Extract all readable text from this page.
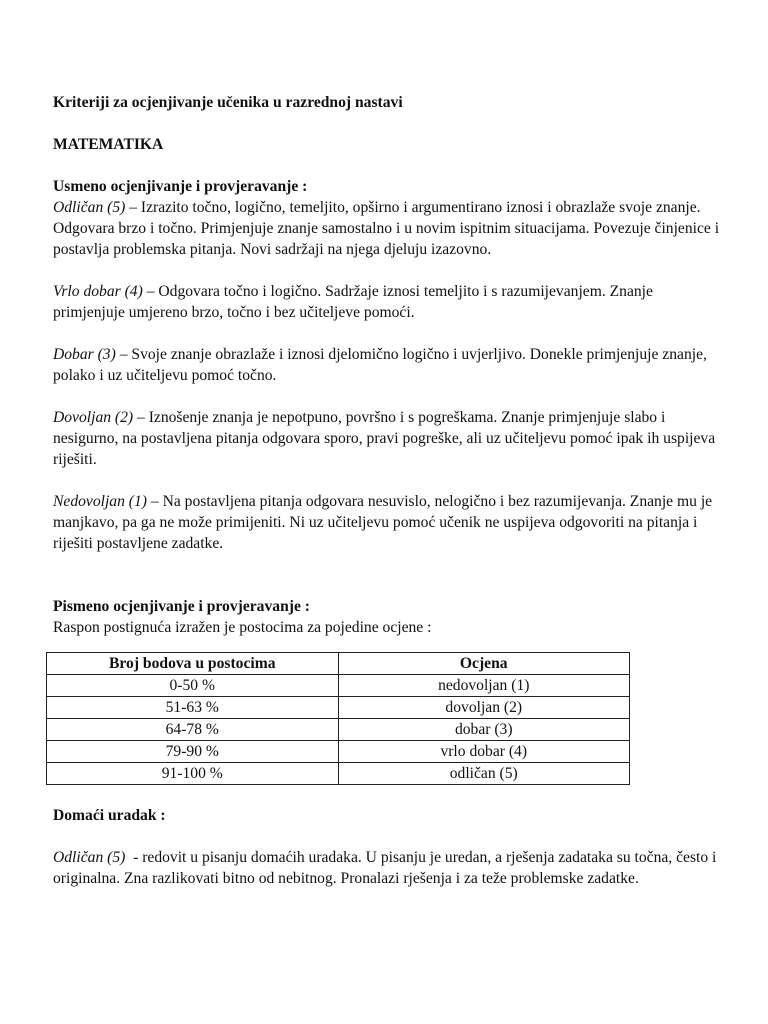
Kriteriji za ocjenjivanje učenika u razrednoj nastavi

MATEMATIKA

Usmeno ocjenjivanje i provjeravanje :

Odličan (5) – Izrazito točno, logično, temeljito, opširno i argumentirano iznosi i obrazlaže svoje znanje. Odgovara brzo i točno. Primjenjuje znanje samostalno i u novim ispitnim situacijama. Povezuje činjenice i postavlja problemska pitanja. Novi sadržaji na njega djeluju izazovno.

Vrlo dobar (4) – Odgovara točno i logično. Sadržaje iznosi temeljito i s razumijevanjem. Znanje primjenjuje umjereno brzo, točno i bez učiteljeve pomoći.

Dobar (3) – Svoje znanje obrazlaže i iznosi djelomično logično i uvjerljivo. Donekle primjenjuje znanje, polako i uz učiteljevu pomoć točno.

Dovoljan (2) – Iznošenje znanja je nepotpuno, površno i s pogreškama. Znanje primjenjuje slabo i nesigurno, na postavljena pitanja odgovara sporo, pravi pogreške, ali uz učiteljevu pomoć ipak ih uspijeva riješiti.

Nedovoljan (1) – Na postavljena pitanja odgovara nesuvislo, nelogično i bez razumijevanja. Znanje mu je manjkavo, pa ga ne može primijeniti. Ni uz učiteljevu pomoć učenik ne uspijeva odgovoriti na pitanja i riješiti postavljene zadatke.

Pismeno ocjenjivanje i provjeravanje :

Raspon postignuća izražen je postocima za pojedine ocjene :

Broj bodova u postocima	Ocjena
0-50 %	nedovoljan (1)
51-63 %	dovoljan (2)
64-78 %	dobar (3)
79-90 %	vrlo dobar (4)
91-100 %	odličan (5)

Domaći uradak :

Odličan (5)  - redovit u pisanju domaćih uradaka. U pisanju je uredan, a rješenja zadataka su točna, često i originalna. Zna razlikovati bitno od nebitnog. Pronalazi rješenja i za teže problemske zadatke.
